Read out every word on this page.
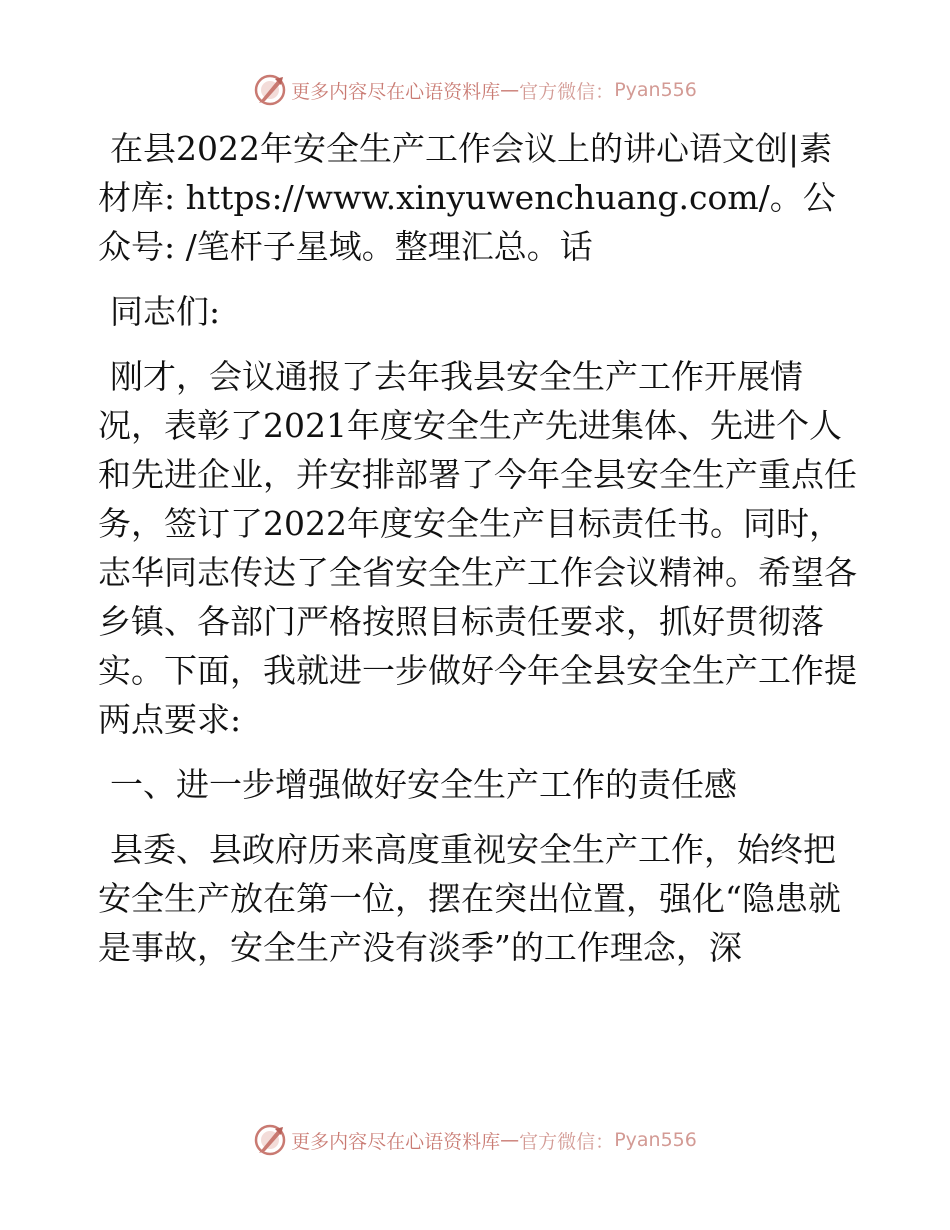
更多内容尽在心语资料库 — 官方微信： Pyan556

在县2022年安全生产工作会议上的讲心语文创|素材库: https://www.xinyuwenchuang.com/。公众号: /笔杆子星域。整理汇总。话

同志们:

刚才，会议通报了去年我县安全生产工作开展情况，表彰了2021年度安全生产先进集体、先进个人和先进企业，并安排部署了今年全县安全生产重点任务，签订了2022年度安全生产目标责任书。同时，志华同志传达了全省安全生产工作会议精神。希望各乡镇、各部门严格按照目标责任要求，抓好贯彻落实。下面，我就进一步做好今年全县安全生产工作提两点要求:

一、进一步增强做好安全生产工作的责任感

县委、县政府历来高度重视安全生产工作，始终把安全生产放在第一位，摆在突出位置，强化“隐患就是事故，安全生产没有淡季”的工作理念，深

更多内容尽在心语资料库 — 官方微信： Pyan556
